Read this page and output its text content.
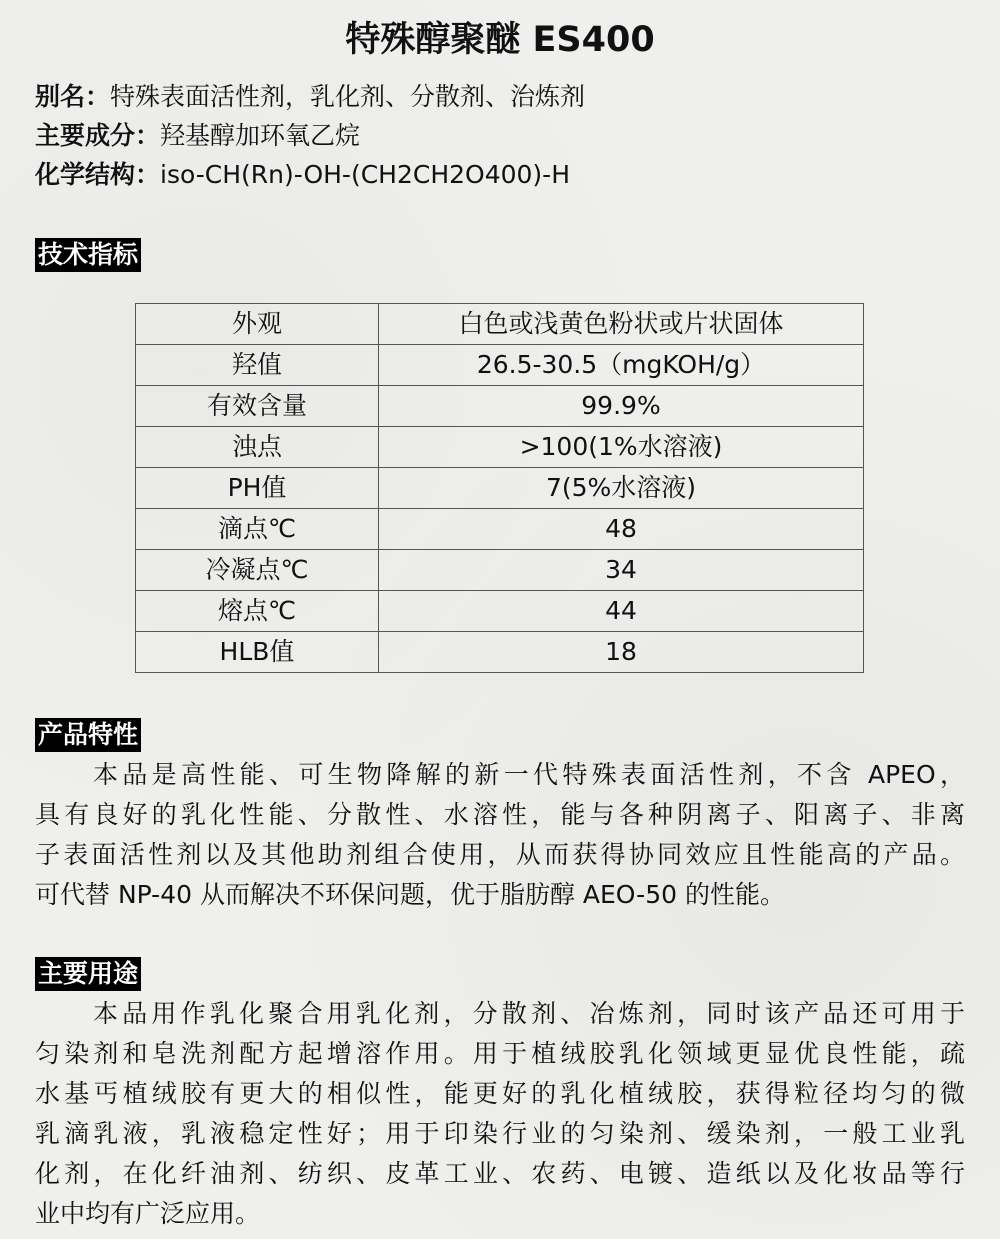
特殊醇聚醚 ES400
别名：特殊表面活性剂，乳化剂、分散剂、治炼剂
主要成分：羟基醇加环氧乙烷
化学结构：iso-CH(Rn)-OH-(CH2CH2O400)-H
技术指标
外观	白色或浅黄色粉状或片状固体
羟值	26.5-30.5（mgKOH/g）
有效含量	99.9%
浊点	>100(1%水溶液)
PH值	7(5%水溶液)
滴点℃	48
冷凝点℃	34
熔点℃	44
HLB值	18
产品特性
本品是高性能、可生物降解的新一代特殊表面活性剂，不含 APEO，
具有良好的乳化性能、分散性、水溶性，能与各种阴离子、阳离子、非离
子表面活性剂以及其他助剂组合使用，从而获得协同效应且性能高的产品。
可代替 NP-40 从而解决不环保问题，优于脂肪醇 AEO-50 的性能。
主要用途
本品用作乳化聚合用乳化剂，分散剂、冶炼剂，同时该产品还可用于
匀染剂和皂洗剂配方起增溶作用。用于植绒胶乳化领域更显优良性能，疏
水基丐植绒胶有更大的相似性，能更好的乳化植绒胶，获得粒径均匀的微
乳滴乳液，乳液稳定性好；用于印染行业的匀染剂、缓染剂，一般工业乳
化剂，在化纤油剂、纺织、皮革工业、农药、电镀、造纸以及化妆品等行
业中均有广泛应用。
